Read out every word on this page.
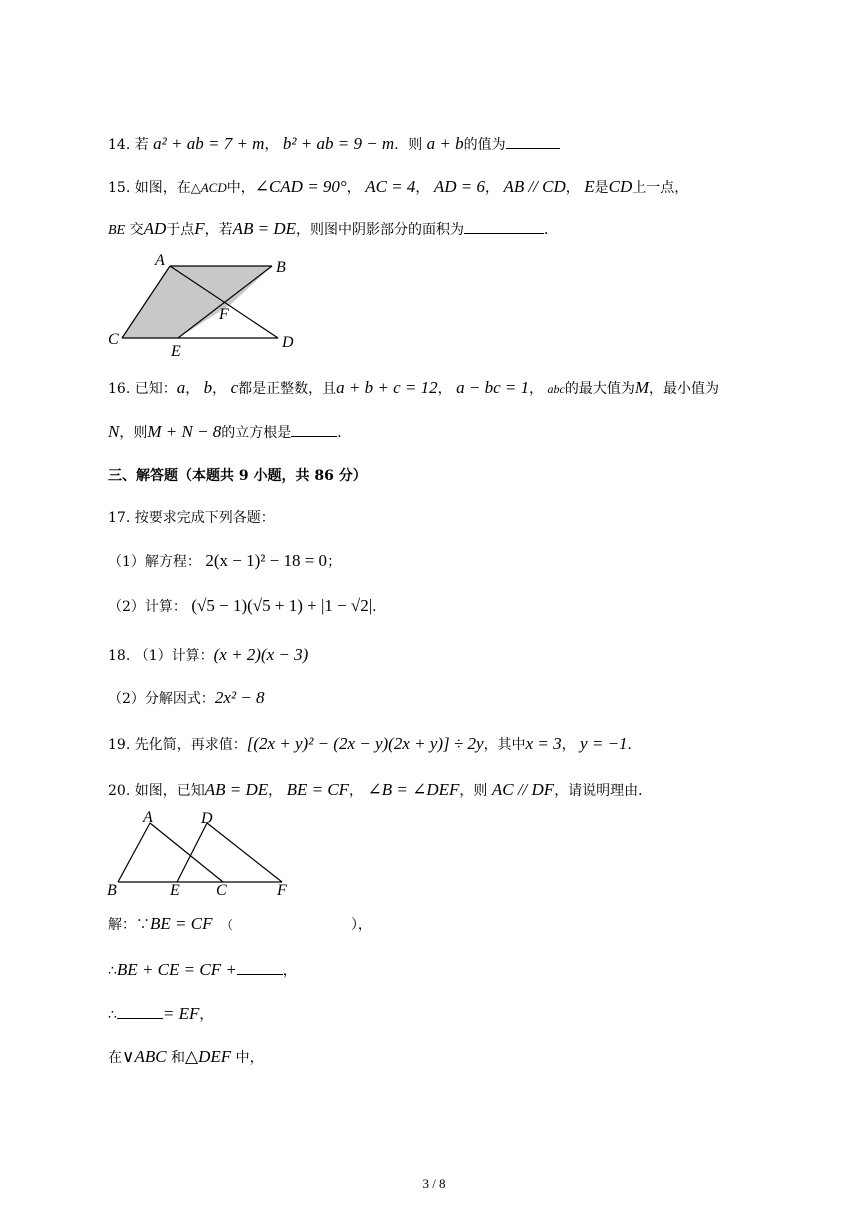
14. 若 a² + ab = 7 + m， b² + ab = 9 − m．则 a + b的值为
15. 如图，在△ACD中，∠CAD = 90°， AC = 4， AD = 6， AB // CD， E是CD上一点，
BE 交AD于点F，若AB = DE，则图中阴影部分的面积为	．
A	B
C	D
E
F
16. 已知：a， b， c都是正整数，且a + b + c = 12， a − bc = 1， abc的最大值为M，最小值为
N，则M + N − 8的立方根是	．
三、解答题（本题共 9 小题，共 86 分）
17. 按要求完成下列各题：
（1）解方程： 2(x − 1)² − 18 = 0；
（2）计算： (√5 − 1)(√5 + 1) + |1 − √2|．
18. （1）计算：(x + 2)(x − 3)
（2）分解因式：2x² − 8
19. 先化简，再求值：[(2x + y)² − (2x − y)(2x + y)] ÷ 2y，其中x = 3， y = −1．
20. 如图，已知AB = DE， BE = CF， ∠B = ∠DEF，则 AC // DF，请说明理由．
A	D
B	E C	F
解：∵BE = CF （	），
∴BE + CE = CF +	，
∴	= EF，
在∨ABC 和△DEF 中，
3 / 8
